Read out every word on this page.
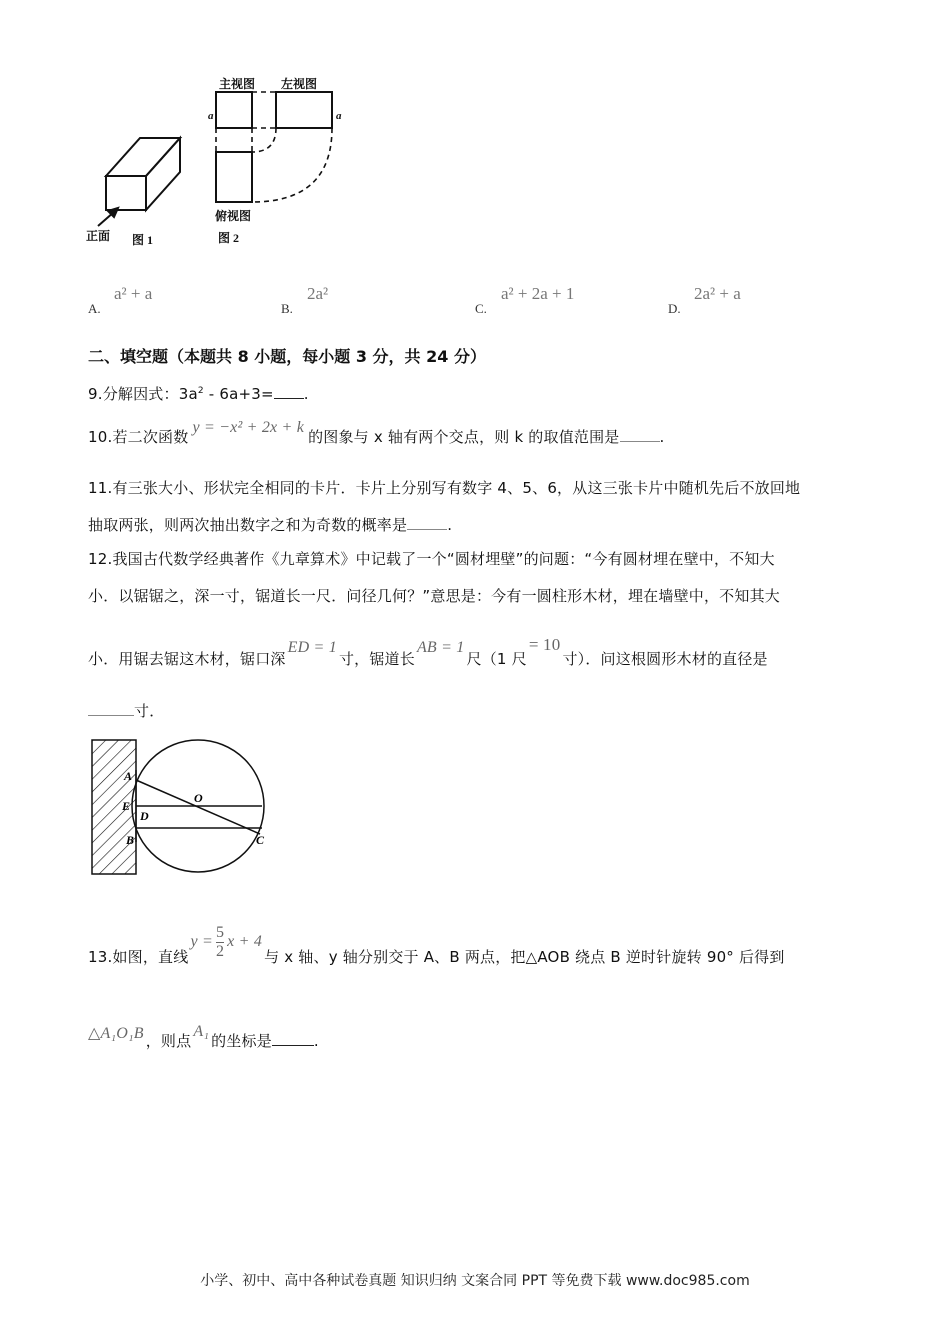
主视图 左视图
a	a
俯视图
正面 图 1	图 2
A.
a² + a
B.
2a²
C.
a² + 2a + 1
D.
2a² + a
二、填空题（本题共 8 小题，每小题 3 分，共 24 分）
9.分解因式：$3a^2 - 6a+3=$ .
10.若二次函数y = −x² + 2x + k的图象与 x 轴有两个交点，则 k 的取值范围是	.
11.有三张大小、形状完全相同的卡片．卡片上分别写有数字 4、5、6，从这三张卡片中随机先后不放回地
抽取两张，则两次抽出数字之和为奇数的概率是	.
12.我国古代数学经典著作《九章算术》中记载了一个“圆材埋壁”的问题：“今有圆材埋在壁中，不知大
小．以锯锯之，深一寸，锯道长一尺．问径几何？”意思是：今有一圆柱形木材，埋在墙壁中，不知其大
小．用锯去锯这木材，锯口深ED = 1寸，锯道长AB = 1尺（1 尺= 10寸）．问这根圆形木材的直径是
寸．
A
E
D
B
O
C
13.如图，直线$y = \frac{5}{2}$ x + 4与 x 轴、y 轴分别交于 A、B 两点，把△AOB 绕点 B 逆时针旋转 90° 后得到
△A₁O₁B ，则点A₁的坐标是	.
小学、初中、高中各种试卷真题 知识归纳 文案合同 PPT 等免费下载 www.doc985.com
